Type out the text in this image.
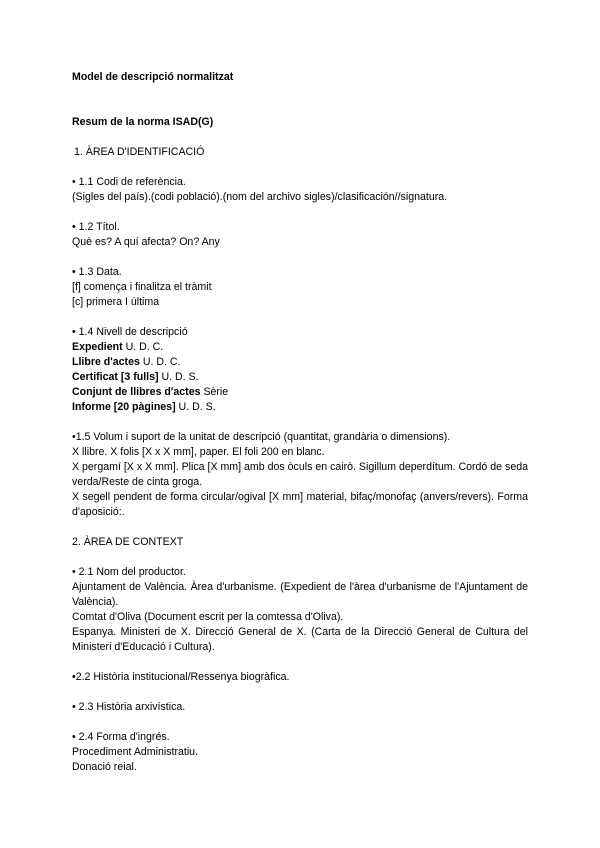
Model de descripció normalitzat

Resum de la norma ISAD(G)
1. ÀREA D'IDENTIFICACIÓ

• 1.1 Codi de referència.

(Sigles del país).(codi població).(nom del archivo sigles)/clasificación//signatura.

• 1.2 Títol.

Què es? A quí afecta? On? Any

• 1.3 Data.

[f] comença i finalitza el tràmit

[c] primera I última

• 1.4 Nivell de descripció

Expedient U. D. C.

Llibre d'actes U. D. C.

Certificat [3 fulls] U. D. S.

Conjunt de llibres d'actes Sèrie

Informe [20 pàgines] U. D. S.

•1.5 Volum i suport de la unitat de descripció (quantitat, grandària o dimensions).

X llibre. X folis [X x X mm], paper. El foli 200 en blanc.

X pergamí [X x X mm]. Plica [X mm] amb dos òculs en cairò. Sigillum deperdítum. Cordó de seda verda/Reste de cinta groga.

X segell pendent de forma circular/ogival [X mm] material, bifaç/monofaç (anvers/revers). Forma d'aposició:.

2. ÀREA DE CONTEXT

• 2.1 Nom del productor.

Ajuntament de València. Àrea d'urbanisme. (Expedient de l'àrea d'urbanisme de l'Ajuntament de València).

Comtat d'Oliva (Document escrit per la comtessa d'Oliva).

Espanya. Ministeri de X. Direcció General de X. (Carta de la Direcció General de Cultura del Ministeri d'Educació i Cultura).

•2.2 Història institucional/Ressenya biogràfica.

• 2.3 Història arxivística.

• 2.4 Forma d'ingrés.

Procediment Administratiu.

Donació reial.
